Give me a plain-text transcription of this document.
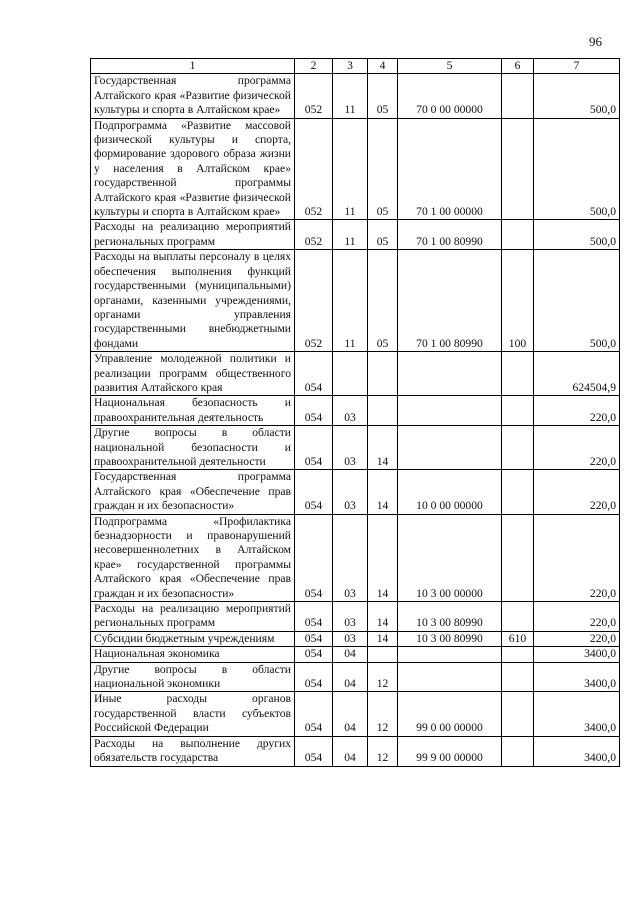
96
1	2	3	4	5	6	7
Государственная программа Алтайского края «Развитие физической культуры и спорта в Алтайском крае»	052	11	05	70 0 00 00000		500,0
Подпрограмма «Развитие массовой физической культуры и спорта, формирование здорового образа жизни у населения в Алтайском крае» государственной программы Алтайского края «Развитие физической культуры и спорта в Алтайском крае»	052	11	05	70 1 00 00000		500,0
Расходы на реализацию мероприятий региональных программ	052	11	05	70 1 00 80990		500,0
Расходы на выплаты персоналу в целях обеспечения выполнения функций государственными (муниципальными) органами, казенными учреждениями, органами управления государственными внебюджетными фондами	052	11	05	70 1 00 80990	100	500,0
Управление молодежной политики и реализации программ общественного развития Алтайского края	054					624504,9
Национальная безопасность и правоохранительная деятельность	054	03				220,0
Другие вопросы в области национальной безопасности и правоохранительной деятельности	054	03	14			220,0
Государственная программа Алтайского края «Обеспечение прав граждан и их безопасности»	054	03	14	10 0 00 00000		220,0
Подпрограмма «Профилактика безнадзорности и правонарушений несовершеннолетних в Алтайском крае» государственной программы Алтайского края «Обеспечение прав граждан и их безопасности»	054	03	14	10 3 00 00000		220,0
Расходы на реализацию мероприятий региональных программ	054	03	14	10 3 00 80990		220,0
Субсидии бюджетным учреждениям	054	03	14	10 3 00 80990	610	220,0
Национальная экономика	054	04				3400,0
Другие вопросы в области национальной экономики	054	04	12			3400,0
Иные расходы органов государственной власти субъектов Российской Федерации	054	04	12	99 0 00 00000		3400,0
Расходы на выполнение других обязательств государства	054	04	12	99 9 00 00000		3400,0
